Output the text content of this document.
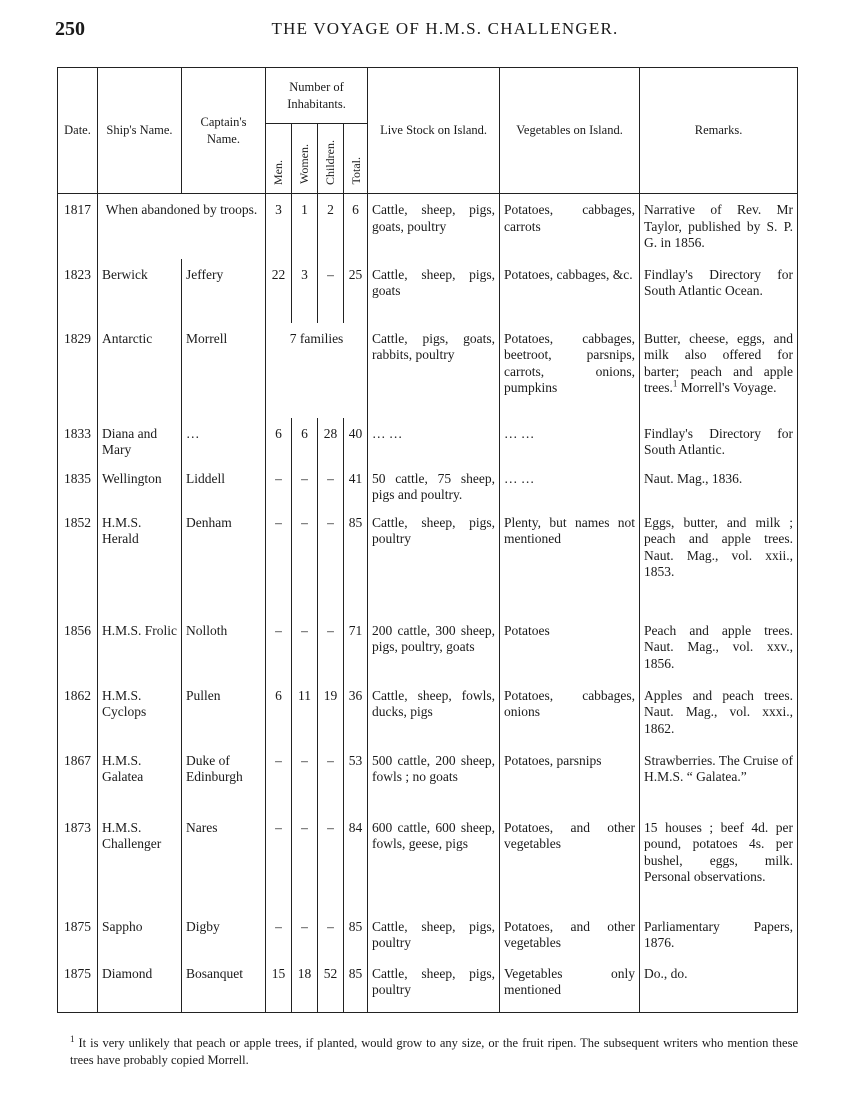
250	THE VOYAGE OF H.M.S. CHALLENGER.
Date.	Ship's Name.	Captain's Name.	Number of Inhabitants.				Live Stock on Island.	Vegetables on Island.	Remarks.
			Men.	Women.	Children.	Total.			
1817	When abandoned by troops.		3	1	2	6	Cattle, sheep, pigs, goats, poultry	Potatoes, cabbages, carrots	Narrative of Rev. Mr Taylor, published by S. P. G. in 1856.
1823	Berwick	Jeffery	22	3	–	25	Cattle, sheep, pigs, goats	Potatoes, cabbages, &c.	Findlay's Directory for South Atlantic Ocean.
1829	Antarctic	Morrell	7 families				Cattle, pigs, goats, rabbits, poultry	Potatoes, cabbages, beetroot, parsnips, carrots, onions, pumpkins	Butter, cheese, eggs, and milk also offered for barter; peach and apple trees.$^1$ Morrell's Voyage.
1833	Diana and Mary	…	6	6	28	40	… …	… …	Findlay's Directory for South Atlantic.
1835	Wellington	Liddell	–	–	–	41	50 cattle, 75 sheep, pigs and poultry.	… …	Naut. Mag., 1836.
1852	H.M.S. Herald	Denham	–	–	–	85	Cattle, sheep, pigs, poultry	Plenty, but names not mentioned	Eggs, butter, and milk ; peach and apple trees. Naut. Mag., vol. xxii., 1853.
1856	H.M.S. Frolic	Nolloth	–	–	–	71	200 cattle, 300 sheep, pigs, poultry, goats	Potatoes	Peach and apple trees. Naut. Mag., vol. xxv., 1856.
1862	H.M.S. Cyclops	Pullen	6	11	19	36	Cattle, sheep, fowls, ducks, pigs	Potatoes, cabbages, onions	Apples and peach trees. Naut. Mag., vol. xxxi., 1862.
1867	H.M.S. Galatea	Duke of Edinburgh	–	–	–	53	500 cattle, 200 sheep, fowls ; no goats	Potatoes, parsnips	Strawberries. The Cruise of H.M.S. “ Galatea.”
1873	H.M.S. Challenger	Nares	–	–	–	84	600 cattle, 600 sheep, fowls, geese, pigs	Potatoes, and other vegetables	15 houses ; beef 4d. per pound, potatoes 4s. per bushel, eggs, milk. Personal observations.
1875	Sappho	Digby	–	–	–	85	Cattle, sheep, pigs, poultry	Potatoes, and other vegetables	Parliamentary Papers, 1876.
1875	Diamond	Bosanquet	15	18	52	85	Cattle, sheep, pigs, poultry	Vegetables only mentioned	Do., do.
$^1$ It is very unlikely that peach or apple trees, if planted, would grow to any size, or the fruit ripen. The subsequent writers who mention these trees have probably copied Morrell.
